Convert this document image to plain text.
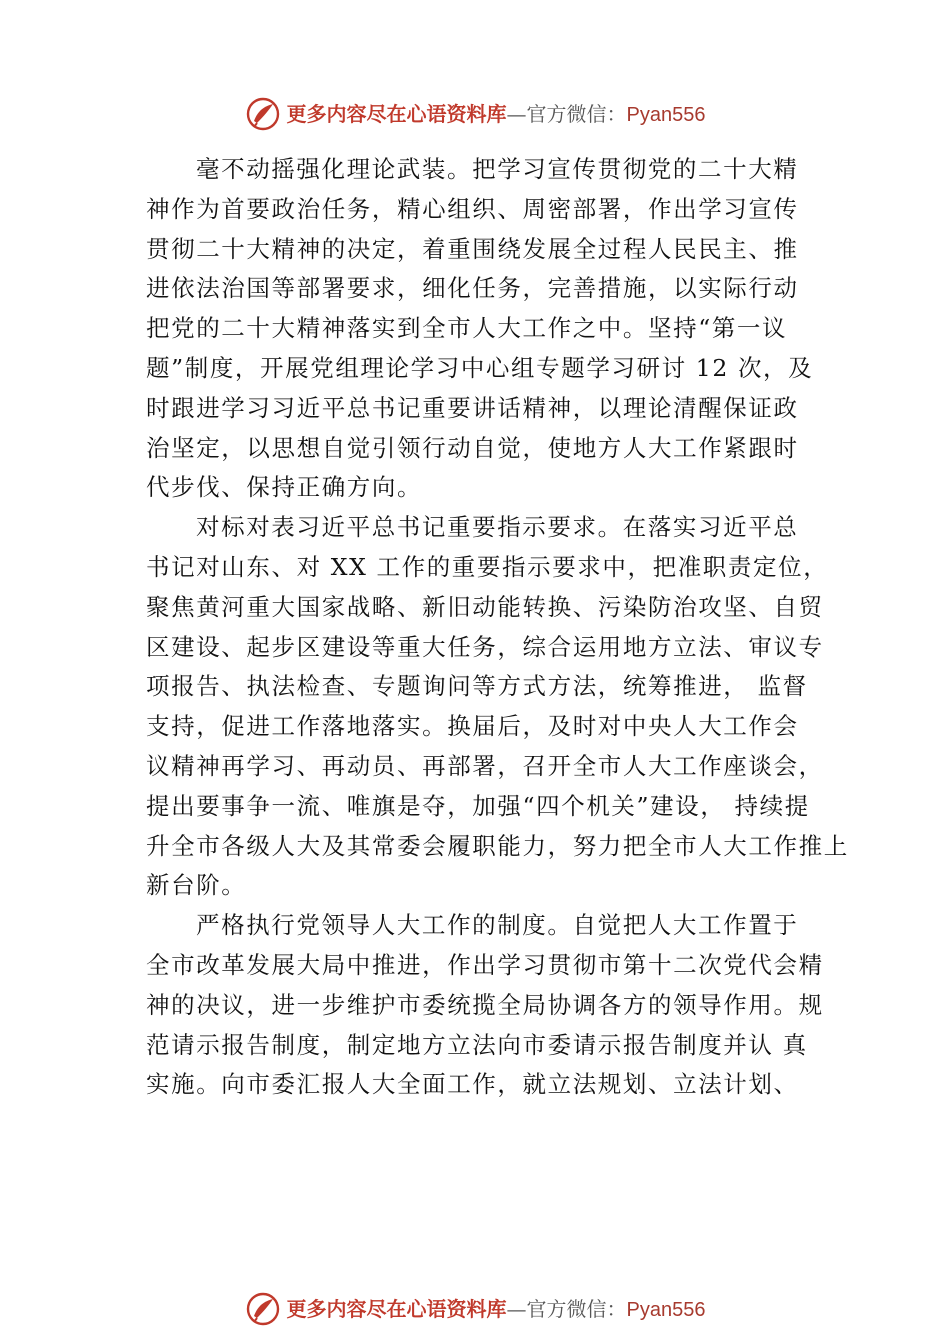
更多内容尽在心语资料库—官方微信：Pyan556
毫不动摇强化理论武装。把学习宣传贯彻党的二十大精
神作为首要政治任务，精心组织、周密部署，作出学习宣传
贯彻二十大精神的决定，着重围绕发展全过程人民民主、推
进依法治国等部署要求，细化任务，完善措施，以实际行动
把党的二十大精神落实到全市人大工作之中。坚持“第一议
题”制度，开展党组理论学习中心组专题学习研讨 12 次，及
时跟进学习习近平总书记重要讲话精神，以理论清醒保证政
治坚定，以思想自觉引领行动自觉，使地方人大工作紧跟时
代步伐、保持正确方向。
对标对表习近平总书记重要指示要求。在落实习近平总
书记对山东、对 XX 工作的重要指示要求中，把准职责定位，
聚焦黄河重大国家战略、新旧动能转换、污染防治攻坚、自贸
区建设、起步区建设等重大任务，综合运用地方立法、审议专
项报告、执法检查、专题询问等方式方法，统筹推进， 监督
支持，促进工作落地落实。换届后，及时对中央人大工作会
议精神再学习、再动员、再部署，召开全市人大工作座谈会，
提出要事争一流、唯旗是夺，加强“四个机关”建设， 持续提
升全市各级人大及其常委会履职能力，努力把全市人大工作推上
新台阶。
严格执行党领导人大工作的制度。自觉把人大工作置于
全市改革发展大局中推进，作出学习贯彻市第十二次党代会精
神的决议，进一步维护市委统揽全局协调各方的领导作用。规
范请示报告制度，制定地方立法向市委请示报告制度并认 真
实施。向市委汇报人大全面工作，就立法规划、立法计划、
更多内容尽在心语资料库—官方微信：Pyan556
